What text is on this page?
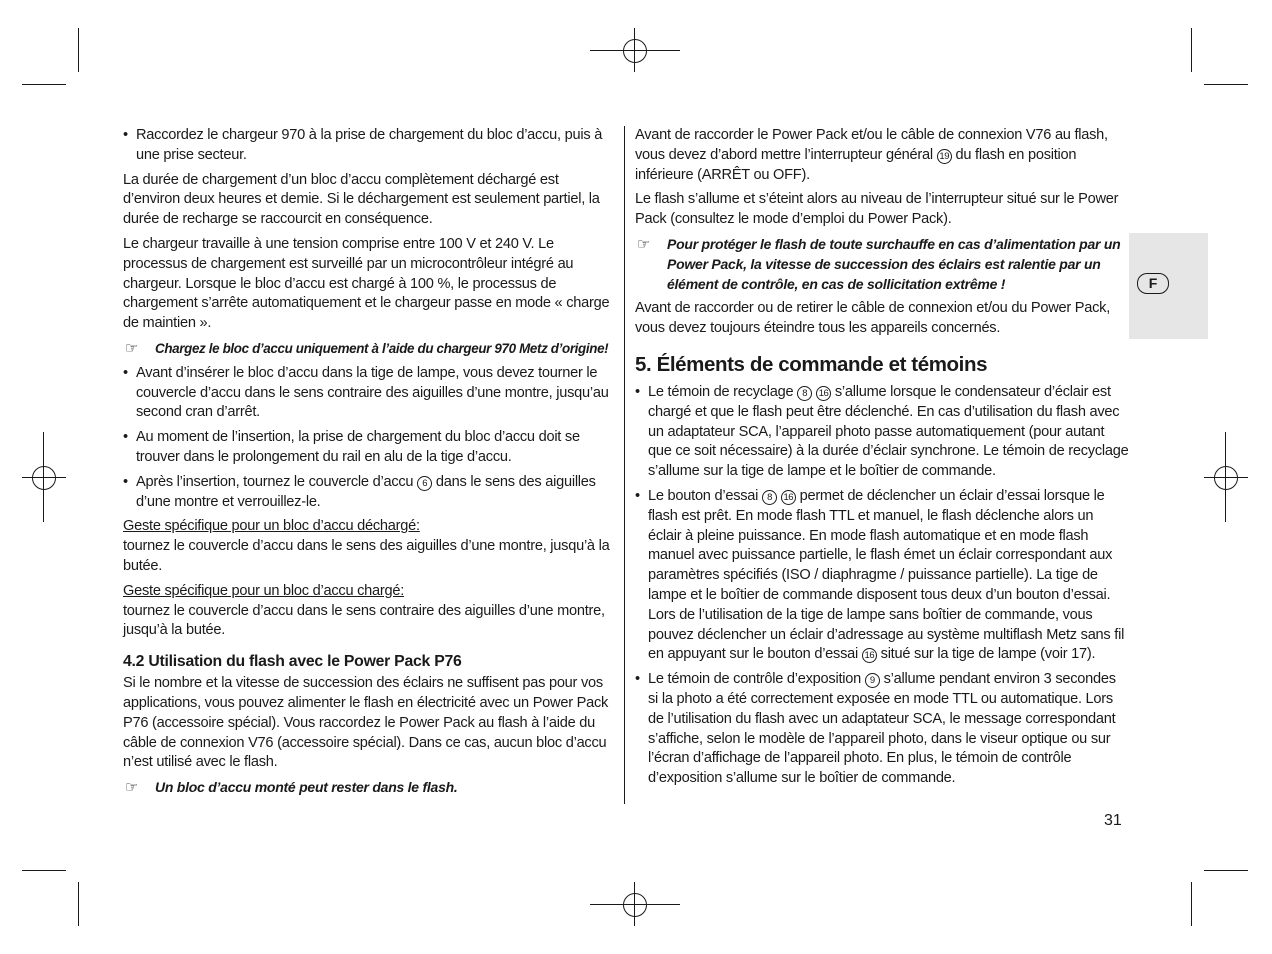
• Raccordez le chargeur 970 à la prise de chargement du bloc d’accu, puis à une prise secteur.

La durée de chargement d’un bloc d’accu complètement déchargé est d’environ deux heures et demie. Si le déchargement est seulement partiel, la durée de recharge se raccourcit en conséquence.

Le chargeur travaille à une tension comprise entre 100 V et 240 V. Le processus de chargement est surveillé par un microcontrôleur intégré au chargeur. Lorsque le bloc d’accu est chargé à 100 %, le processus de chargement s’arrête automatiquement et le chargeur passe en mode « charge de maintien ».

☞ Chargez le bloc d’accu uniquement à l’aide du chargeur 970 Metz d’origine!
• Avant d’insérer le bloc d’accu dans la tige de lampe, vous devez tourner le couvercle d’accu dans le sens contraire des aiguilles d’une montre, jusqu’au second cran d’arrêt.
• Au moment de l’insertion, la prise de chargement du bloc d’accu doit se trouver dans le prolongement du rail en alu de la tige d’accu.
• Après l’insertion, tournez le couvercle d’accu 6 dans le sens des aiguilles d’une montre et verrouillez-le.
Geste spécifique pour un bloc d’accu déchargé:

tournez le couvercle d’accu dans le sens des aiguilles d’une montre, jusqu’à la butée.

Geste spécifique pour un bloc d’accu chargé:

tournez le couvercle d’accu dans le sens contraire des aiguilles d’une montre, jusqu’à la butée.

4.2 Utilisation du flash avec le Power Pack P76

Si le nombre et la vitesse de succession des éclairs ne suffisent pas pour vos applications, vous pouvez alimenter le flash en électricité avec un Power Pack P76 (accessoire spécial). Vous raccordez le Power Pack au flash à l’aide du câble de connexion V76 (accessoire spécial). Dans ce cas, aucun bloc d’accu n’est utilisé avec le flash.

☞ Un bloc d’accu monté peut rester dans le flash.

Avant de raccorder le Power Pack et/ou le câble de connexion V76 au flash, vous devez d’abord mettre l’interrupteur général 19 du flash en position inférieure (ARRÊT ou OFF).

Le flash s’allume et s’éteint alors au niveau de l’interrupteur situé sur le Power Pack (consultez le mode d’emploi du Power Pack).

☞ Pour protéger le flash de toute surchauffe en cas d’alimentation par un Power Pack, la vitesse de succession des éclairs est ralentie par un élément de contrôle, en cas de sollicitation extrême !

Avant de raccorder ou de retirer le câble de connexion et/ou du Power Pack, vous devez toujours éteindre tous les appareils concernés.

5. Éléments de commande et témoins
• Le témoin de recyclage 8 16 s’allume lorsque le condensateur d’éclair est chargé et que le flash peut être déclenché. En cas d’utilisation du flash avec un adaptateur SCA, l’appareil photo passe automatiquement (pour autant que ce soit nécessaire) à la durée d’éclair synchrone. Le témoin de recyclage s’allume sur la tige de lampe et le boîtier de commande.
• Le bouton d’essai 8 16 permet de déclencher un éclair d’essai lorsque le flash est prêt. En mode flash TTL et manuel, le flash déclenche alors un éclair à pleine puissance. En mode flash automatique et en mode flash manuel avec puissance partielle, le flash émet un éclair correspondant aux paramètres spécifiés (ISO / diaphragme / puissance partielle). La tige de lampe et le boîtier de commande disposent tous deux d’un bouton d’essai. Lors de l’utilisation de la tige de lampe sans boîtier de commande, vous pouvez déclencher un éclair d’adressage au système multiflash Metz sans fil en appuyant sur le bouton d’essai 16 situé sur la tige de lampe (voir 17).
• Le témoin de contrôle d’exposition 9 s’allume pendant environ 3 secondes si la photo a été correctement exposée en mode TTL ou automatique. Lors de l’utilisation du flash avec un adaptateur SCA, le message correspondant s’affiche, selon le modèle de l’appareil photo, dans le viseur optique ou sur l’écran d’affichage de l’appareil photo. En plus, le témoin de contrôle d’exposition s’allume sur le boîtier de commande.
F
31
